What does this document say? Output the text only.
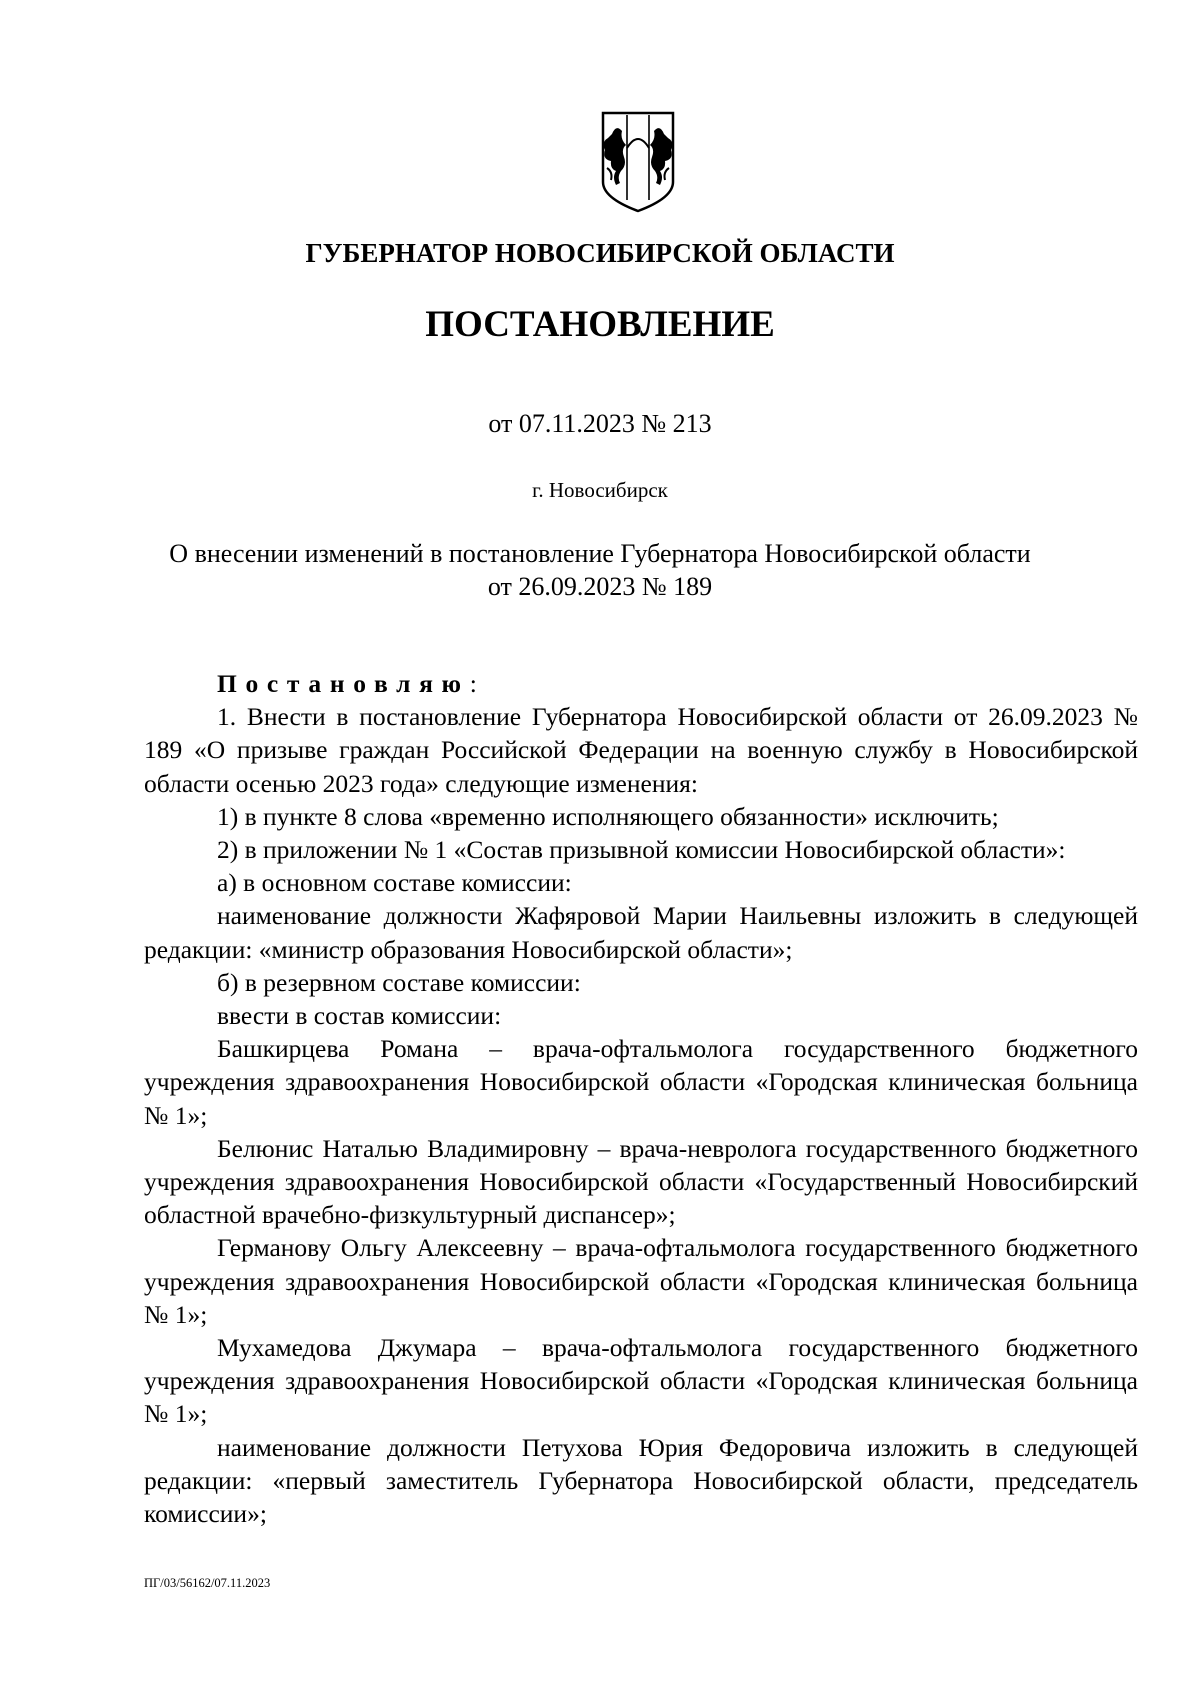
ГУБЕРНАТОР НОВОСИБИРСКОЙ ОБЛАСТИ
ПОСТАНОВЛЕНИЕ
от 07.11.2023 № 213
г. Новосибирск
О внесении изменений в постановление Губернатора Новосибирской области
от 26.09.2023 № 189

Постановляю:

1. Внести в постановление Губернатора Новосибирской области от 26.09.2023 № 189 «О призыве граждан Российской Федерации на военную службу в Новосибирской области осенью 2023 года» следующие изменения:

1) в пункте 8 слова «временно исполняющего обязанности» исключить;

2) в приложении № 1 «Состав призывной комиссии Новосибирской области»:

а) в основном составе комиссии:

наименование должности Жафяровой Марии Наильевны изложить в следующей редакции: «министр образования Новосибирской области»;

б) в резервном составе комиссии:

ввести в состав комиссии:

Башкирцева Романа – врача-офтальмолога государственного бюджетного учреждения здравоохранения Новосибирской области «Городская клиническая больница № 1»;

Белюнис Наталью Владимировну – врача-невролога государственного бюджетного учреждения здравоохранения Новосибирской области «Государственный Новосибирский областной врачебно-физкультурный диспансер»;

Германову Ольгу Алексеевну – врача-офтальмолога государственного бюджетного учреждения здравоохранения Новосибирской области «Городская клиническая больница № 1»;

Мухамедова Джумара – врача-офтальмолога государственного бюджетного учреждения здравоохранения Новосибирской области «Городская клиническая больница № 1»;

наименование должности Петухова Юрия Федоровича изложить в следующей редакции: «первый заместитель Губернатора Новосибирской области, председатель комиссии»;

ПГ/03/56162/07.11.2023
